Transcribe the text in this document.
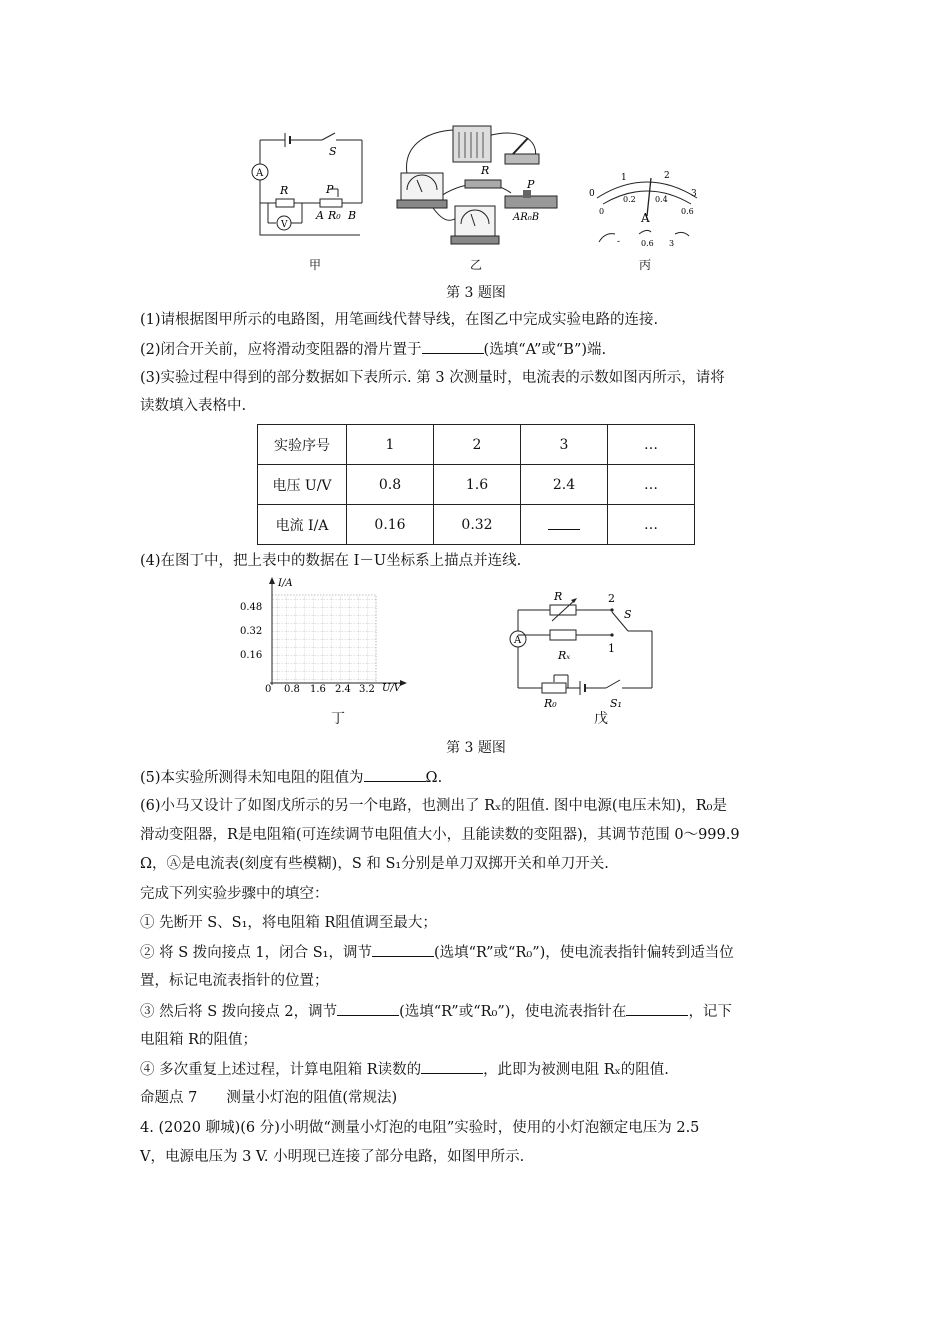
A
V
S
R	P
A R₀ B
R
P
AR₀B
0
1	2
3
0.2 0.4
0	0.6
A
-	0.6 3
甲	乙	丙
第 3 题图
(1)请根据图甲所示的电路图，用笔画线代替导线，在图乙中完成实验电路的连接.
(2)闭合开关前，应将滑动变阻器的滑片置于	(选填“A”或“B”)端.
(3)实验过程中得到的部分数据如下表所示. 第 3 次测量时，电流表的示数如图丙所示，请将
读数填入表格中.
实验序号	1	2	3	…
电压 U/V	0.8	1.6	2.4	…
电流 I/A	0.16	0.32		…
(4)在图丁中，把上表中的数据在 I－U坐标系上描点并连线.
I/A
U/V
0.48
0.32
0.16
0 0.8 1.6 2.4 3.2
A
R
Rₓ
R₀
S
S₁
1
2
丁	戊
第 3 题图
(5)本实验所测得未知电阻的阻值为	Ω.
(6)小马又设计了如图戊所示的另一个电路，也测出了 Rₓ的阻值. 图中电源(电压未知)，R₀是
滑动变阻器，R是电阻箱(可连续调节电阻值大小，且能读数的变阻器)，其调节范围 0～999.9
Ω，Ⓐ是电流表(刻度有些模糊)，S 和 S₁分别是单刀双掷开关和单刀开关.
完成下列实验步骤中的填空：
① 先断开 S、S₁，将电阻箱 R阻值调至最大；
② 将 S 拨向接点 1，闭合 S₁，调节	(选填“R”或“R₀”)，使电流表指针偏转到适当位
置，标记电流表指针的位置；
③ 然后将 S 拨向接点 2，调节	(选填“R”或“R₀”)，使电流表指针在	，记下
电阻箱 R的阻值；
④ 多次重复上述过程，计算电阻箱 R读数的	，此即为被测电阻 Rₓ的阻值.
命题点 7　　测量小灯泡的阻值(常规法)
4. (2020 聊城)(6 分)小明做“测量小灯泡的电阻”实验时，使用的小灯泡额定电压为 2.5
V，电源电压为 3 V. 小明现已连接了部分电路，如图甲所示.
